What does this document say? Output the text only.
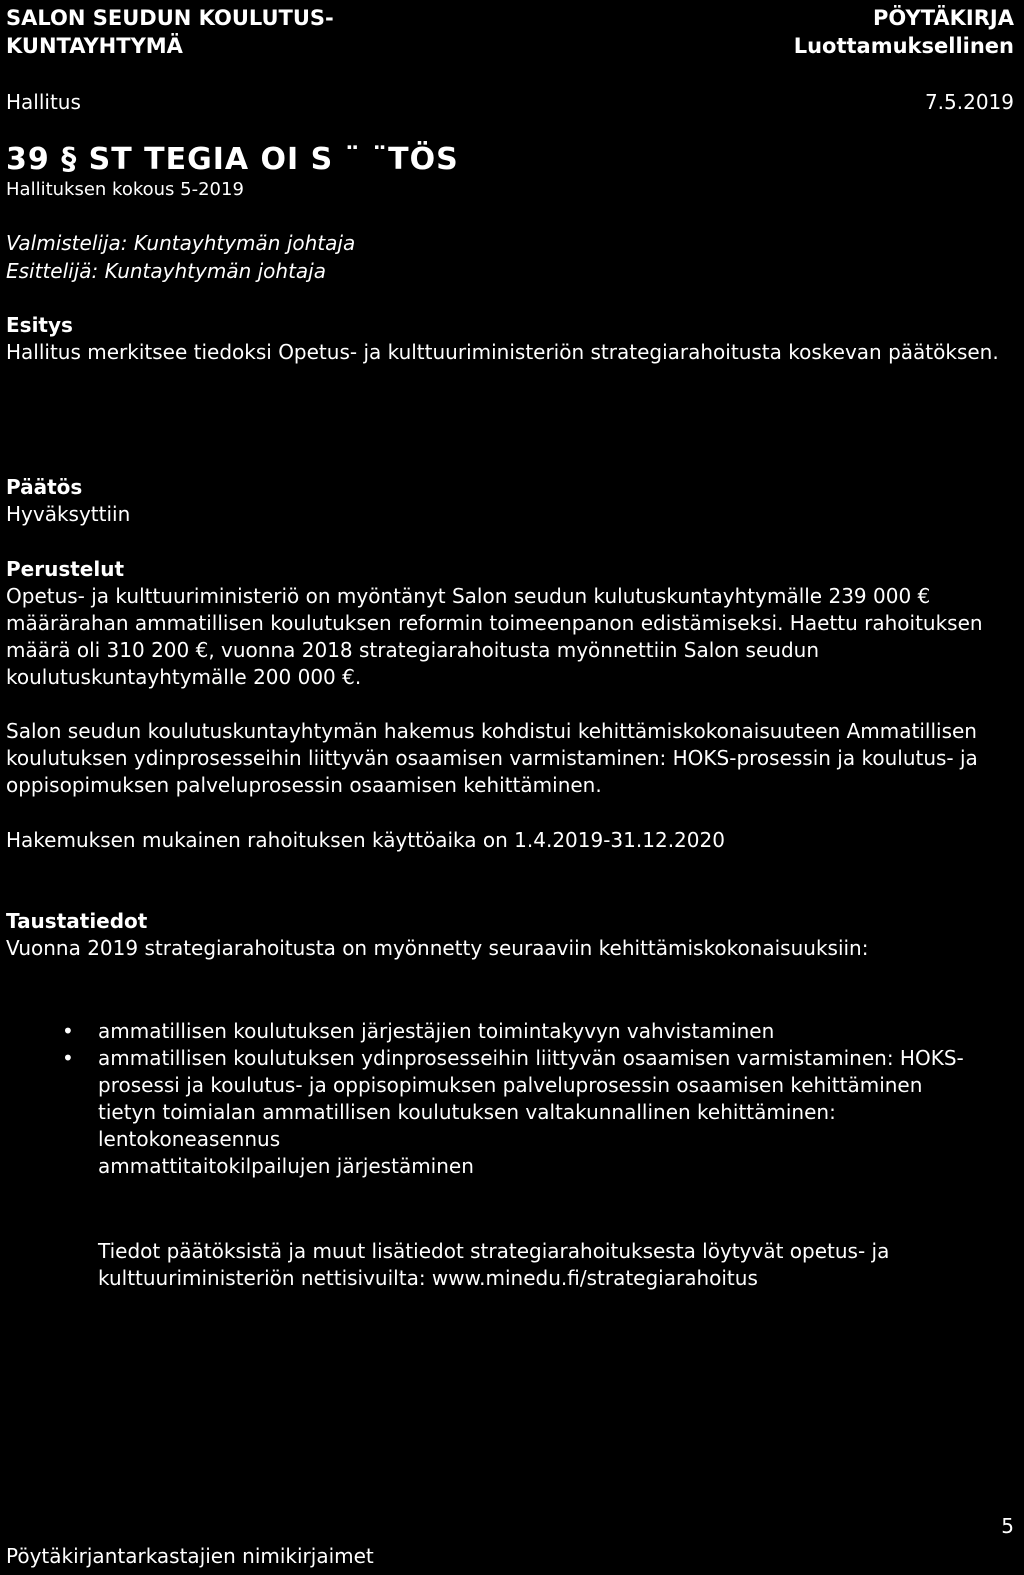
SALON SEUDUN KOULUTUS-
KUNTAYHTYMÄ
PÖYTÄKIRJA
Luottamuksellinen
Hallitus	7.5.2019
39 § ST TEGIA OI S ¨ ¨TÖS
Hallituksen kokous 5-2019
Valmistelija: Kuntayhtymän johtaja
Esittelijä: Kuntayhtymän johtaja
Esitys
Hallitus merkitsee tiedoksi Opetus- ja kulttuuriministeriön strategiarahoitusta koskevan päätöksen.
Päätös
Hyväksyttiin
Perustelut
Opetus- ja kulttuuriministeriö on myöntänyt Salon seudun kulutuskuntayhtymälle 239 000 € määrärahan ammatillisen koulutuksen reformin toimeenpanon edistämiseksi. Haettu rahoituksen määrä oli 310 200 €, vuonna 2018 strategiarahoitusta myönnettiin Salon seudun koulutuskuntayhtymälle 200 000 €.
Salon seudun koulutuskuntayhtymän hakemus kohdistui kehittämiskokonaisuuteen Ammatillisen koulutuksen ydinprosesseihin liittyvän osaamisen varmistaminen: HOKS-prosessin ja koulutus- ja oppisopimuksen palveluprosessin osaamisen kehittäminen.
Hakemuksen mukainen rahoituksen käyttöaika on 1.4.2019-31.12.2020
Taustatiedot
Vuonna 2019 strategiarahoitusta on myönnetty seuraaviin kehittämiskokonaisuuksiin:
• ammatillisen koulutuksen järjestäjien toimintakyvyn vahvistaminen
• ammatillisen koulutuksen ydinprosesseihin liittyvän osaamisen varmistaminen: HOKS-prosessi ja koulutus- ja oppisopimuksen palveluprosessin osaamisen kehittäminen
tietyn toimialan ammatillisen koulutuksen valtakunnallinen kehittäminen: lentokoneasennus
ammattitaitokilpailujen järjestäminen
Tiedot päätöksistä ja muut lisätiedot strategiarahoituksesta löytyvät opetus- ja kulttuuriministeriön nettisivuilta: www.minedu.fi/strategiarahoitus
5
Pöytäkirjantarkastajien nimikirjaimet
